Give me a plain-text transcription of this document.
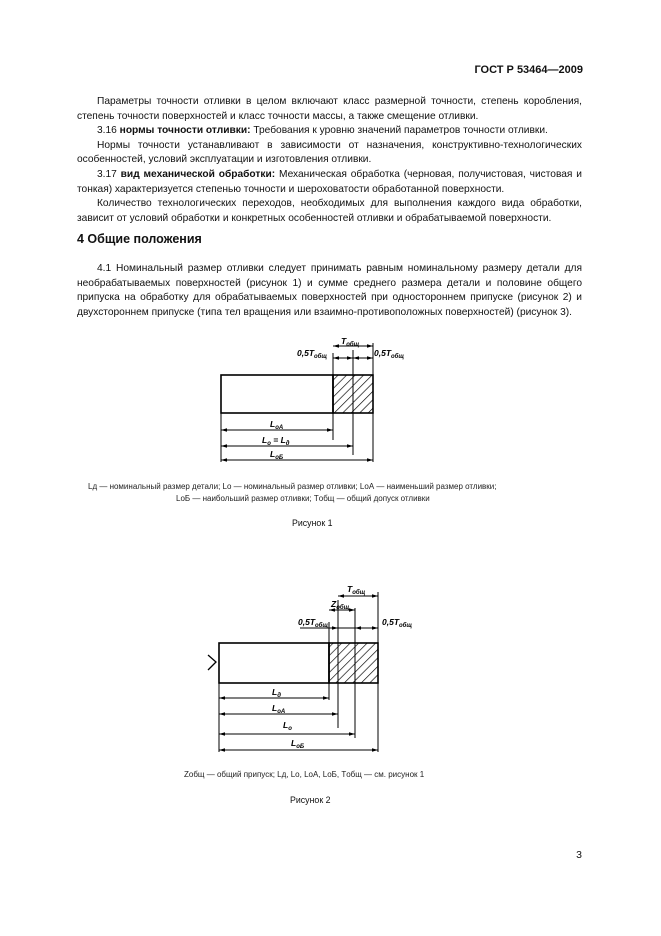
ГОСТ Р 53464—2009

Параметры точности отливки в целом включают класс размерной точности, степень коробления, степень точности поверхностей и класс точности массы, а также смещение отливки.

3.16 нормы точности отливки: Требования к уровню значений параметров точности отливки.

Нормы точности устанавливают в зависимости от назначения, конструктивно-технологических особенностей, условий эксплуатации и изготовления отливки.

3.17 вид механической обработки: Механическая обработка (черновая, получистовая, чистовая и тонкая) характеризуется степенью точности и шероховатости обработанной поверхности.

Количество технологических переходов, необходимых для выполнения каждого вида обработки, зависит от условий обработки и конкретных особенностей отливки и обрабатываемой поверхности.

4 Общие положения

4.1 Номинальный размер отливки следует принимать равным номинальному размеру детали для необрабатываемых поверхностей (рисунок 1) и сумме среднего размера детали и половине общего припуска на обработку для обрабатываемых поверхностей при одностороннем припуске (рисунок 2) и двухстороннем припуске (типа тел вращения или взаимно-противоположных поверхностей) (рисунок 3).

$T_{общ}$
$0,5T_{общ}$	$0,5T_{общ}$
$L_{оА}$
$L_о = L_д$
$L_{оБ}$
$T_{общ}$
$Z_{общ}$
$0,5T_{общ}$	$0,5T_{общ}$
$L_д$
$L_{оА}$
$L_о$
$L_{оБ}$
Lд — номинальный размер детали; Lо — номинальный размер отливки; LоА — наименьший размер отливки;
LоБ — наибольший размер отливки; Tобщ — общий допуск отливки
Рисунок 1
Zобщ — общий припуск; Lд, Lо, LоА, LоБ, Tобщ — см. рисунок 1
Рисунок 2
3
